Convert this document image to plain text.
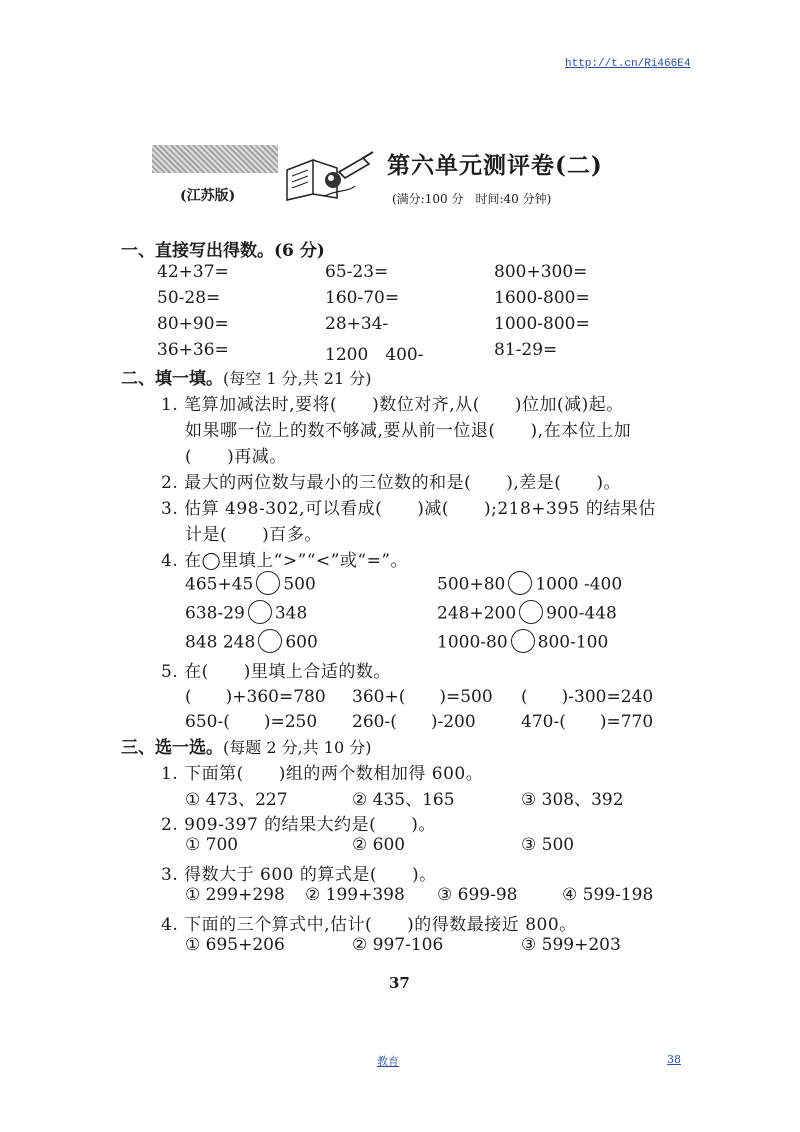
http://t.cn/Ri466E4
第六单元测评卷(二)
(江苏版)	(满分:100 分　时间:40 分钟)
一、直接写出得数。(6 分)
42+37=	65-23=	800+300=
50-28=	160-70=	1600-800=
80+90=	28+34-	1000-800=
36+36=	1200　400-	81-29=
二、填一填。(每空 1 分,共 21 分)
1. 笔算加减法时,要将(　　)数位对齐,从(　　)位加(减)起。
如果哪一位上的数不够减,要从前一位退(　　),在本位上加
(　　)再减。
2. 最大的两位数与最小的三位数的和是(　　),差是(　　)。
3. 估算 498-302,可以看成(　　)减(　　);218+395 的结果估
计是(　　)百多。
4. 在◯里填上“>”“<”或“=”。
465+45 500	500+80 1000 -400
638-29 348	248+200 900-448
848 248 600	1000-80 800-100
5. 在(　　)里填上合适的数。
(　　)+360=780 360+(　　)=500 (　　)-300=240
650-(　　)=250 260-(　　)-200	470-(　　)=770
三、选一选。(每题 2 分,共 10 分)
1. 下面第(　　)组的两个数相加得 600。
① 473、227	② 435、165	③ 308、392
2. 909-397 的结果大约是(　　)。
① 700	② 600	③ 500
3. 得数大于 600 的算式是(　　)。
① 299+298 ② 199+398 ③ 699-98	④ 599-198
4. 下面的三个算式中,估计(　　)的得数最接近 800。
① 695+206	② 997-106	③ 599+203
37
教育	38
